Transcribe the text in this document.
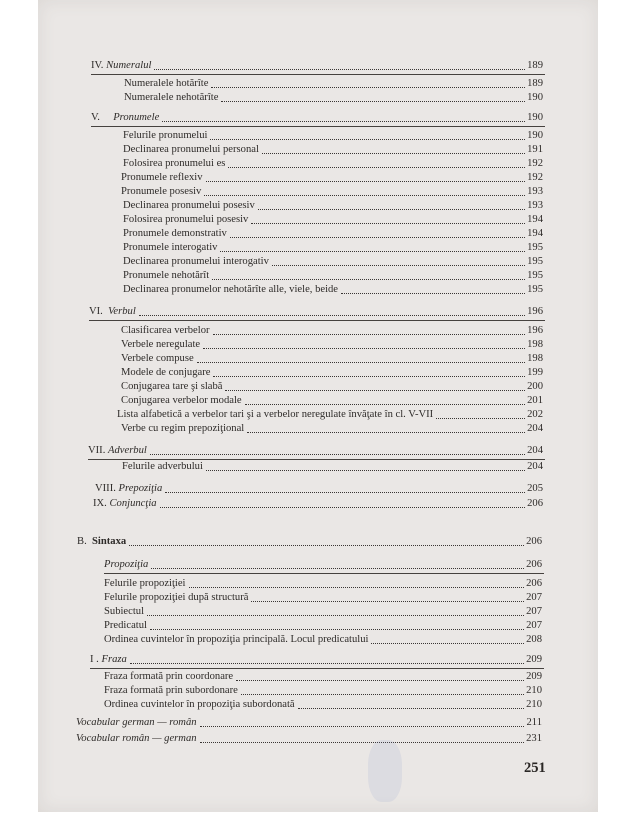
IV. Numeralul	189
Numeralele hotărîte	189
Numeralele nehotărîte	190
V. Pronumele	190
Felurile pronumelui	190
Declinarea pronumelui personal	191
Folosirea pronumelui es	192
Pronumele reflexiv	192
Pronumele posesiv	193
Declinarea pronumelui posesiv	193
Folosirea pronumelui posesiv	194
Pronumele demonstrativ	194
Pronumele interogativ	195
Declinarea pronumelui interogativ	195
Pronumele nehotărît	195
Declinarea pronumelor nehotărîte alle, viele, beide	195
VI. Verbul	196
Clasificarea verbelor	196
Verbele neregulate	198
Verbele compuse	198
Modele de conjugare	199
Conjugarea tare şi slabă	200
Conjugarea verbelor modale	201
Lista alfabetică a verbelor tari şi a verbelor neregulate învăţate în cl. V-VII	202
Verbe cu regim prepoziţional	204
VII. Adverbul	204
Felurile adverbului	204
VIII. Prepoziţia	205
IX. Conjuncţia	206
B. Sintaxa	206
Propoziţia	206
Felurile propoziţiei	206
Felurile propoziţiei după structură	207
Subiectul	207
Predicatul	207
Ordinea cuvintelor în propoziţia principală. Locul predicatului	208
I . Fraza	209
Fraza formată prin coordonare	209
Fraza formată prin subordonare	210
Ordinea cuvintelor în propoziţia subordonată	210
Vocabular german — român	211
Vocabular român — german	231
251
